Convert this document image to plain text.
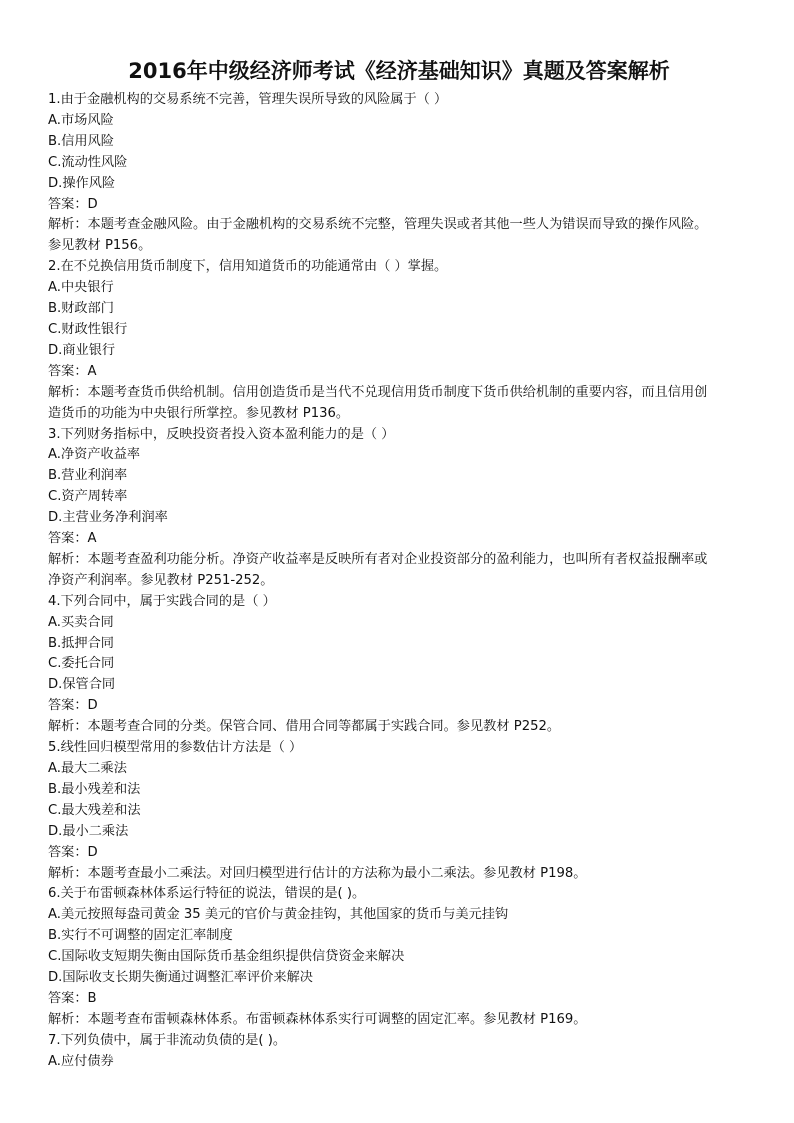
2016年中级经济师考试《经济基础知识》真题及答案解析
1.由于金融机构的交易系统不完善，管理失误所导致的风险属于（ ）
A.市场风险
B.信用风险
C.流动性风险
D.操作风险
答案：D
解析：本题考查金融风险。由于金融机构的交易系统不完整，管理失误或者其他一些人为错误而导致的操作风险。
参见教材 P156。
2.在不兑换信用货币制度下，信用知道货币的功能通常由（ ）掌握。
A.中央银行
B.财政部门
C.财政性银行
D.商业银行
答案：A
解析：本题考查货币供给机制。信用创造货币是当代不兑现信用货币制度下货币供给机制的重要内容，而且信用创
造货币的功能为中央银行所掌控。参见教材 P136。
3.下列财务指标中，反映投资者投入资本盈利能力的是（ ）
A.净资产收益率
B.营业利润率
C.资产周转率
D.主营业务净利润率
答案：A
解析：本题考查盈利功能分析。净资产收益率是反映所有者对企业投资部分的盈利能力，也叫所有者权益报酬率或
净资产利润率。参见教材 P251-252。
4.下列合同中，属于实践合同的是（ ）
A.买卖合同
B.抵押合同
C.委托合同
D.保管合同
答案：D
解析：本题考查合同的分类。保管合同、借用合同等都属于实践合同。参见教材 P252。
5.线性回归模型常用的参数估计方法是（ ）
A.最大二乘法
B.最小残差和法
C.最大残差和法
D.最小二乘法
答案：D
解析：本题考查最小二乘法。对回归模型进行估计的方法称为最小二乘法。参见教材 P198。
6.关于布雷顿森林体系运行特征的说法，错误的是( )。
A.美元按照每盎司黄金 35 美元的官价与黄金挂钩，其他国家的货币与美元挂钩
B.实行不可调整的固定汇率制度
C.国际收支短期失衡由国际货币基金组织提供信贷资金来解决
D.国际收支长期失衡通过调整汇率评价来解决
答案：B
解析：本题考查布雷顿森林体系。布雷顿森林体系实行可调整的固定汇率。参见教材 P169。
7.下列负债中，属于非流动负债的是( )。
A.应付债券
